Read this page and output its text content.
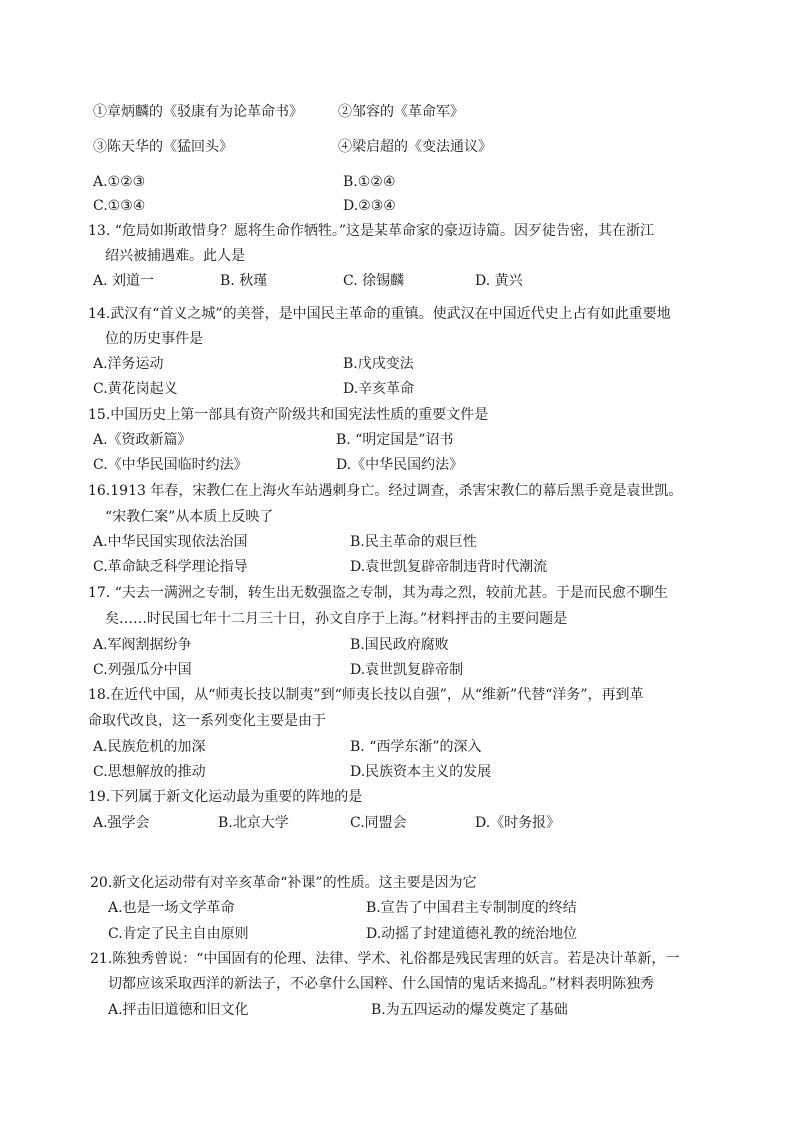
①章炳麟的《驳康有为论革命书》	②邹容的《革命军》
③陈天华的《猛回头》	④梁启超的《变法通议》
A.①②③	B.①②④
C.①③④	D.②③④
13. “危局如斯敢惜身？愿将生命作牺牲。”这是某革命家的豪迈诗篇。因歹徒告密，其在浙江
绍兴被捕遇难。此人是
A. 刘道一	B. 秋瑾	C. 徐锡麟	D. 黄兴
14.武汉有“首义之城”的美誉，是中国民主革命的重镇。使武汉在中国近代史上占有如此重要地
位的历史事件是
A.洋务运动	B.戊戌变法
C.黄花岗起义	D.辛亥革命
15.中国历史上第一部具有资产阶级共和国宪法性质的重要文件是
A.《资政新篇》	B. “明定国是”诏书
C.《中华民国临时约法》	D.《中华民国约法》
16.1913 年春，宋教仁在上海火车站遇刺身亡。经过调查，杀害宋教仁的幕后黑手竟是袁世凯。
“宋教仁案”从本质上反映了
A.中华民国实现依法治国	B.民主革命的艰巨性
C.革命缺乏科学理论指导	D.袁世凯复辟帝制违背时代潮流
17. “夫去一满洲之专制，转生出无数强盗之专制，其为毒之烈，较前尤甚。于是而民愈不聊生
矣……时民国七年十二月三十日，孙文自序于上海。”材料抨击的主要问题是
A.军阀割据纷争	B.国民政府腐败
C.列强瓜分中国	D.袁世凯复辟帝制
18.在近代中国，从“师夷长技以制夷”到“师夷长技以自强”，从“维新”代替“洋务”，再到革
命取代改良，这一系列变化主要是由于
A.民族危机的加深	B. “西学东渐”的深入
C.思想解放的推动	D.民族资本主义的发展
19.下列属于新文化运动最为重要的阵地的是
A.强学会	B.北京大学	C.同盟会	D.《时务报》
20.新文化运动带有对辛亥革命“补课”的性质。这主要是因为它
A.也是一场文学革命	B.宣告了中国君主专制制度的终结
C.肯定了民主自由原则	D.动摇了封建道德礼教的统治地位
21.陈独秀曾说：“中国固有的伦理、法律、学术、礼俗都是残民害理的妖言。若是决计革新，一
切都应该采取西洋的新法子，不必拿什么国粹、什么国情的鬼话来捣乱。”材料表明陈独秀
A.抨击旧道德和旧文化	B.为五四运动的爆发奠定了基础
